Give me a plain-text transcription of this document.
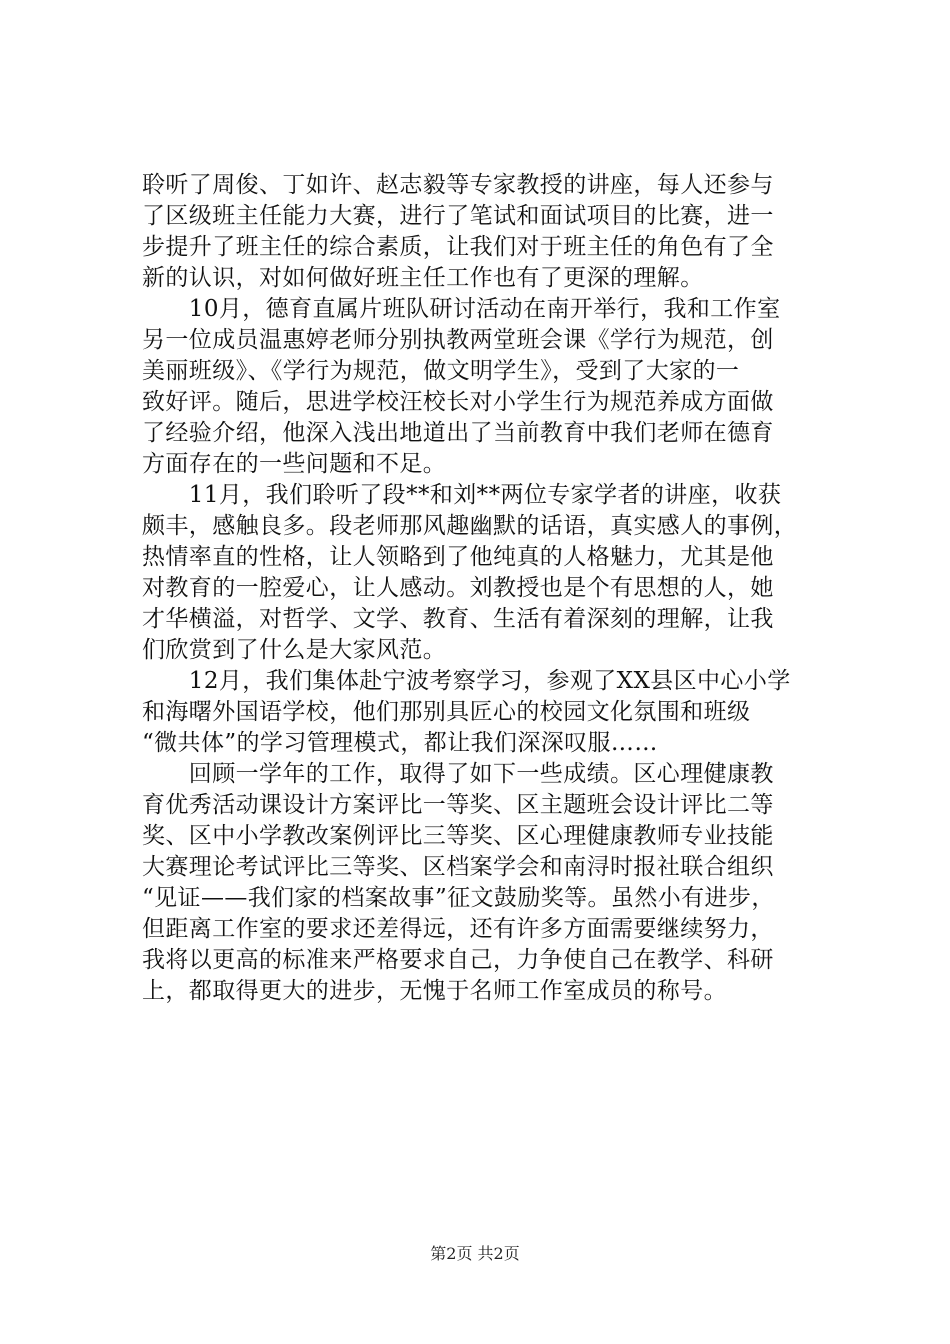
聆听了周俊、丁如许、赵志毅等专家教授的讲座，每人还参与
了区级班主任能力大赛，进行了笔试和面试项目的比赛，进一
步提升了班主任的综合素质，让我们对于班主任的角色有了全
新的认识，对如何做好班主任工作也有了更深的理解。
　　10月，德育直属片班队研讨活动在南开举行，我和工作室
另一位成员温惠婷老师分别执教两堂班会课《学行为规范，创
美丽班级》、《学行为规范，做文明学生》，受到了大家的一
致好评。随后，思进学校汪校长对小学生行为规范养成方面做
了经验介绍，他深入浅出地道出了当前教育中我们老师在德育
方面存在的一些问题和不足。
　　11月，我们聆听了段**和刘**两位专家学者的讲座，收获
颇丰，感触良多。段老师那风趣幽默的话语，真实感人的事例，
热情率直的性格，让人领略到了他纯真的人格魅力，尤其是他
对教育的一腔爱心，让人感动。刘教授也是个有思想的人，她
才华横溢，对哲学、文学、教育、生活有着深刻的理解，让我
们欣赏到了什么是大家风范。
　　12月，我们集体赴宁波考察学习，参观了XX县区中心小学
和海曙外国语学校，他们那别具匠心的校园文化氛围和班级
“微共体”的学习管理模式，都让我们深深叹服……
　　回顾一学年的工作，取得了如下一些成绩。区心理健康教
育优秀活动课设计方案评比一等奖、区主题班会设计评比二等
奖、区中小学教改案例评比三等奖、区心理健康教师专业技能
大赛理论考试评比三等奖、区档案学会和南浔时报社联合组织
“见证——我们家的档案故事”征文鼓励奖等。虽然小有进步，
但距离工作室的要求还差得远，还有许多方面需要继续努力，
我将以更高的标准来严格要求自己，力争使自己在教学、科研
上，都取得更大的进步，无愧于名师工作室成员的称号。
第2页 共2页
